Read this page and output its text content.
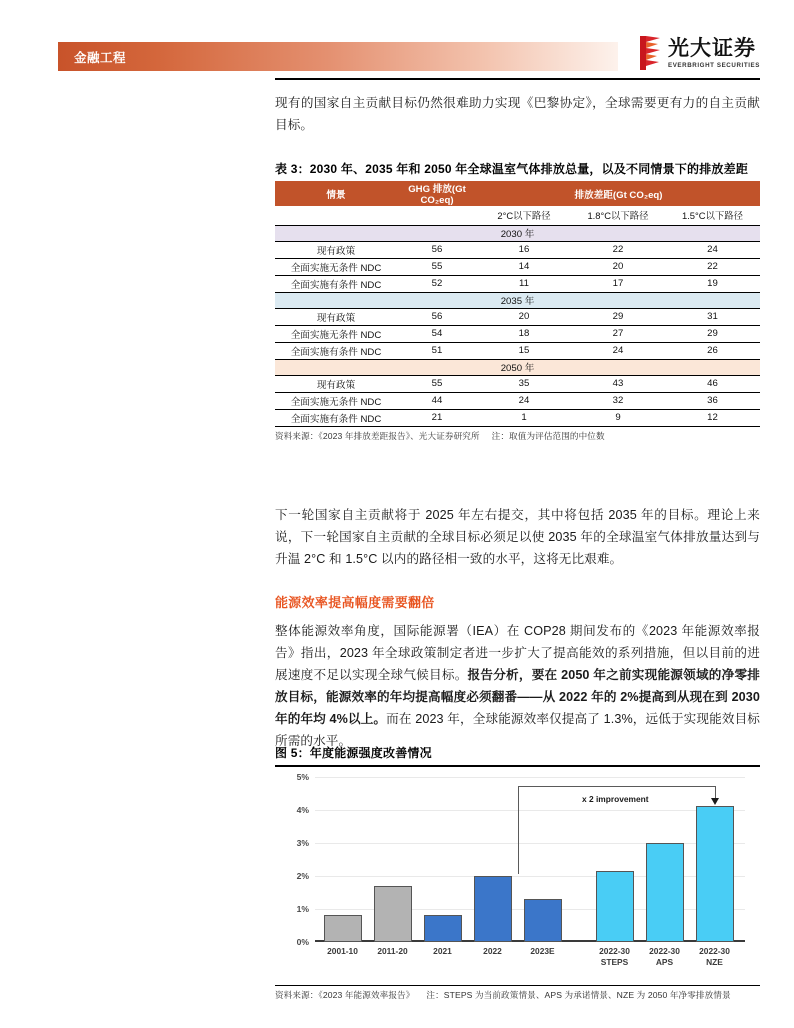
金融工程	光大证券
EVERBRIGHT SECURITIES

现有的国家自主贡献目标仍然很难助力实现《巴黎协定》，全球需要更有力的自主贡献目标。

表 3：2030 年、2035 年和 2050 年全球温室气体排放总量，以及不同情景下的排放差距
情景	GHG 排放(Gt CO₂eq)	排放差距(Gt CO₂eq)		
		2°C以下路径	1.8°C以下路径	1.5°C以下路径
2030 年				
现有政策	56	16	22	24
全面实施无条件 NDC	55	14	20	22
全面实施有条件 NDC	52	11	17	19
2035 年				
现有政策	56	20	29	31
全面实施无条件 NDC	54	18	27	29
全面实施有条件 NDC	51	15	24	26
2050 年				
现有政策	55	35	43	46
全面实施无条件 NDC	44	24	32	36
全面实施有条件 NDC	21	1	9	12
资料来源：《2023 年排放差距报告》、光大证券研究所 注：取值为评估范围的中位数

下一轮国家自主贡献将于 2025 年左右提交，其中将包括 2035 年的目标。理论上来说，下一轮国家自主贡献的全球目标必须足以使 2035 年的全球温室气体排放量达到与升温 2°C 和 1.5°C 以内的路径相一致的水平，这将无比艰难。

能源效率提高幅度需要翻倍

整体能源效率角度，国际能源署（IEA）在 COP28 期间发布的《2023 年能源效率报告》指出，2023 年全球政策制定者进一步扩大了提高能效的系列措施，但以目前的进展速度不足以实现全球气候目标。报告分析，要在 2050 年之前实现能源领域的净零排放目标，能源效率的年均提高幅度必须翻番——从 2022 年的 2%提高到从现在到 2030 年的年均 4%以上。而在 2023 年，全球能源效率仅提高了 1.3%，远低于实现能效目标所需的水平。

图 5：年度能源强度改善情况
0%
1%
2%
3%
4%
5%
2001-10	2011-20	2021	2022	2023E	2022-30
STEPS
2022-30
APS
2022-30
NZE
x 2 improvement
资料来源：《2023 年能源效率报告》 注：STEPS 为当前政策情景、APS 为承诺情景、NZE 为 2050 年净零排放情景
